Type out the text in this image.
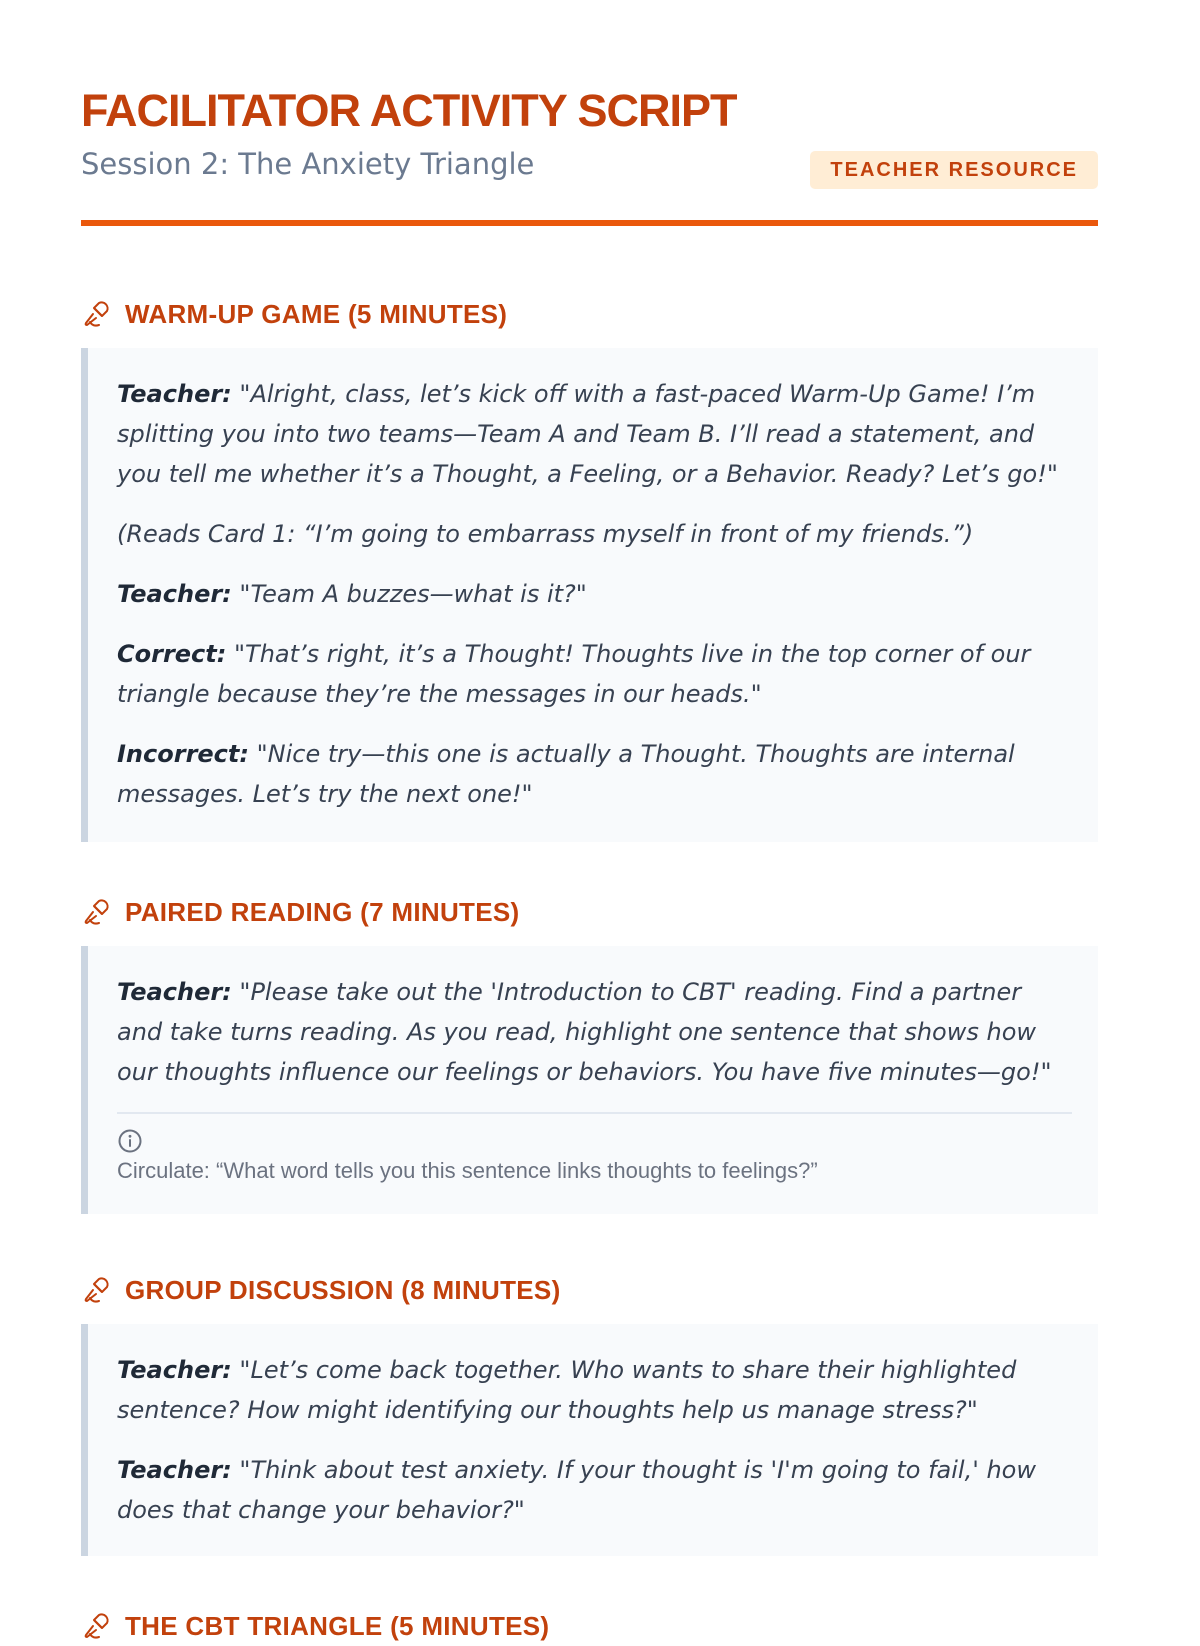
FACILITATOR ACTIVITY SCRIPT

Session 2: The Anxiety Triangle	TEACHER RESOURCE
WARM-UP GAME (5 MINUTES)

Teacher: "Alright, class, let’s kick off with a fast-paced Warm-Up Game! I’m splitting you into two teams—Team A and Team B. I’ll read a statement, and you tell me whether it’s a Thought, a Feeling, or a Behavior. Ready? Let’s go!"

(Reads Card 1: “I’m going to embarrass myself in front of my friends.”)

Teacher: "Team A buzzes—what is it?"

Correct: "That’s right, it’s a Thought! Thoughts live in the top corner of our triangle because they’re the messages in our heads."

Incorrect: "Nice try—this one is actually a Thought. Thoughts are internal messages. Let’s try the next one!"

PAIRED READING (7 MINUTES)

Teacher: "Please take out the 'Introduction to CBT' reading. Find a partner and take turns reading. As you read, highlight one sentence that shows how our thoughts influence our feelings or behaviors. You have five minutes—go!"

Circulate: “What word tells you this sentence links thoughts to feelings?”

GROUP DISCUSSION (8 MINUTES)

Teacher: "Let’s come back together. Who wants to share their highlighted sentence? How might identifying our thoughts help us manage stress?"

Teacher: "Think about test anxiety. If your thought is 'I'm going to fail,' how does that change your behavior?"

THE CBT TRIANGLE (5 MINUTES)
